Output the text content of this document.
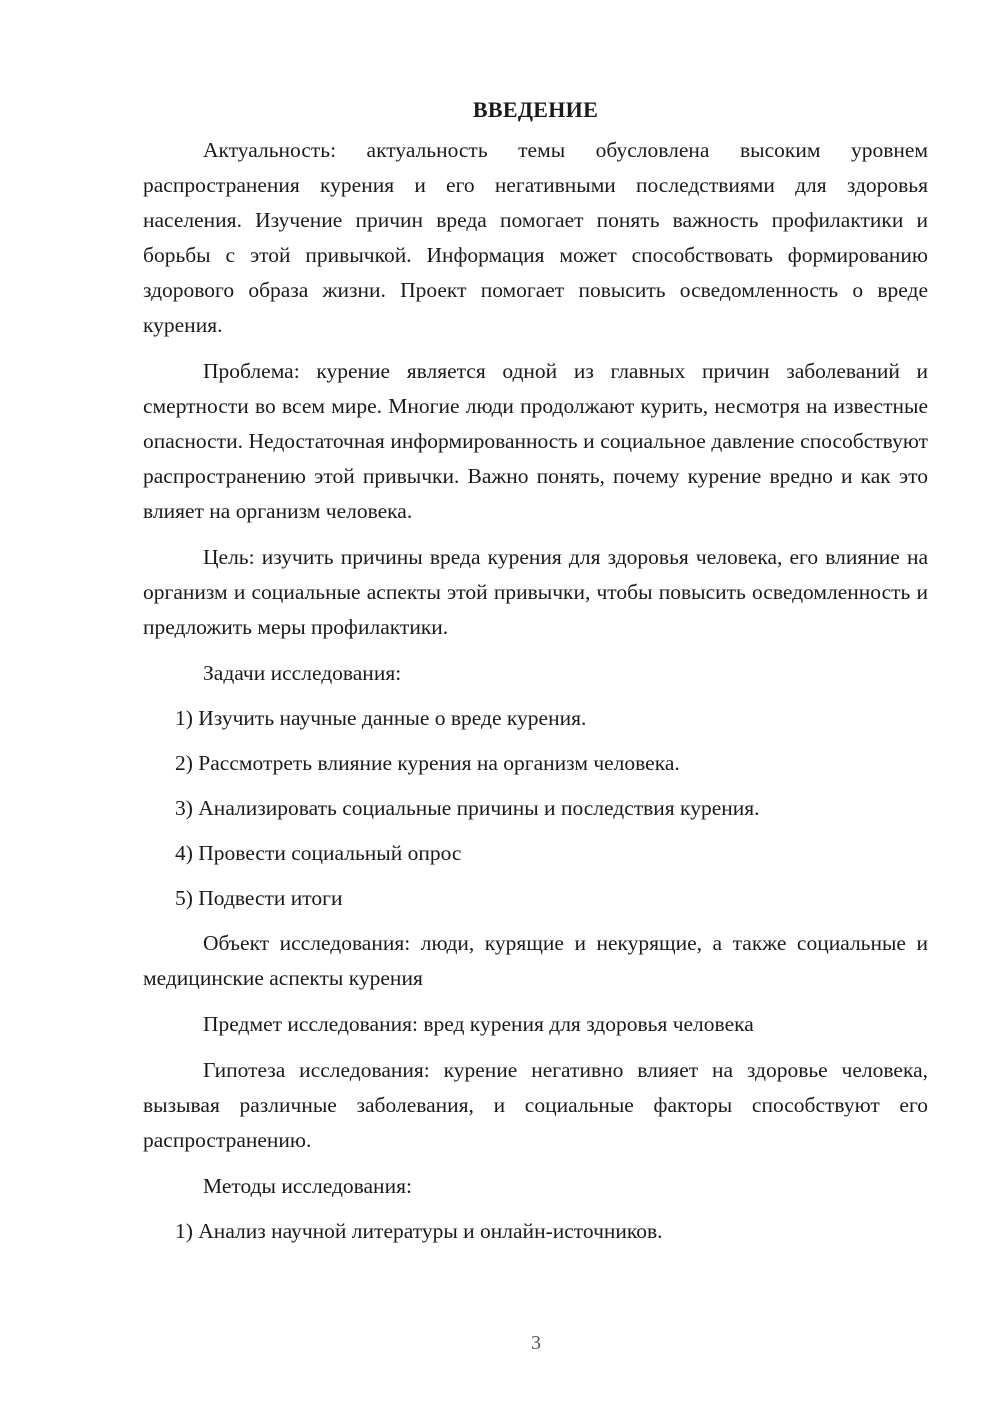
ВВЕДЕНИЕ

Актуальность: актуальность темы обусловлена высоким уровнем распространения курения и его негативными последствиями для здоровья населения. Изучение причин вреда помогает понять важность профилактики и борьбы с этой привычкой. Информация может способствовать формированию здорового образа жизни. Проект помогает повысить осведомленность о вреде курения.

Проблема: курение является одной из главных причин заболеваний и смертности во всем мире. Многие люди продолжают курить, несмотря на известные опасности. Недостаточная информированность и социальное давление способствуют распространению этой привычки. Важно понять, почему курение вредно и как это влияет на организм человека.

Цель: изучить причины вреда курения для здоровья человека, его влияние на организм и социальные аспекты этой привычки, чтобы повысить осведомленность и предложить меры профилактики.

Задачи исследования:

1) Изучить научные данные о вреде курения.

2) Рассмотреть влияние курения на организм человека.

3) Анализировать социальные причины и последствия курения.

4) Провести социальный опрос

5) Подвести итоги

Объект исследования: люди, курящие и некурящие, а также социальные и медицинские аспекты курения

Предмет исследования: вред курения для здоровья человека

Гипотеза исследования: курение негативно влияет на здоровье человека, вызывая различные заболевания, и социальные факторы способствуют его распространению.

Методы исследования:

1) Анализ научной литературы и онлайн-источников.

3
